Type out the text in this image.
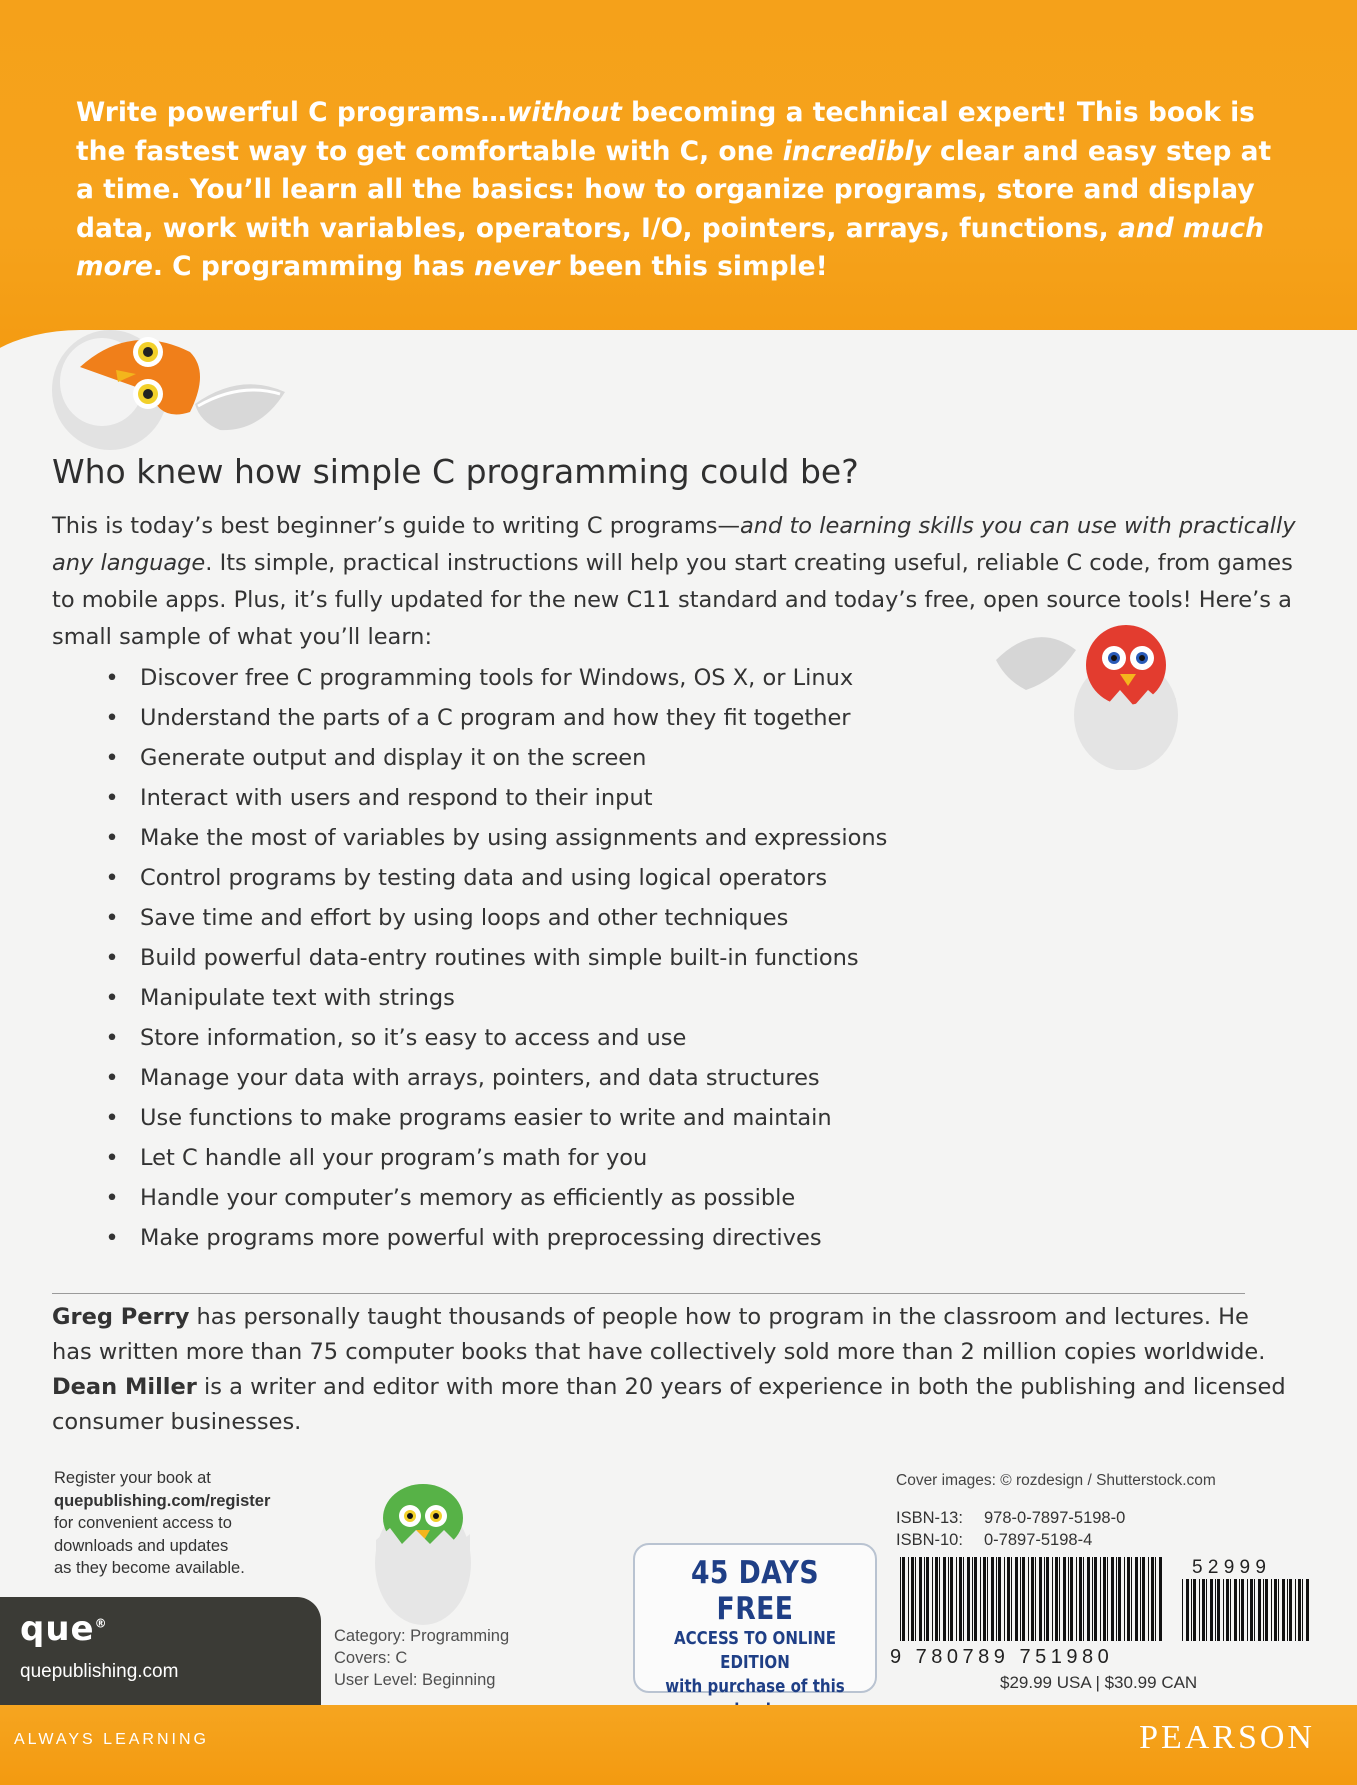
Write powerful C programs…without becoming a technical expert! This book is the fastest way to get comfortable with C, one incredibly clear and easy step at a time. You’ll learn all the basics: how to organize programs, store and display data, work with variables, operators, I/O, pointers, arrays, functions, and much more. C programming has never been this simple!

Who knew how simple C programming could be?

This is today’s best beginner’s guide to writing C programs—and to learning skills you can use with practically any language. Its simple, practical instructions will help you start creating useful, reliable C code, from games to mobile apps. Plus, it’s fully updated for the new C11 standard and today’s free, open source tools! Here’s a small sample of what you’ll learn:

• Discover free C programming tools for Windows, OS X, or Linux
• Understand the parts of a C program and how they fit together
• Generate output and display it on the screen
• Interact with users and respond to their input
• Make the most of variables by using assignments and expressions
• Control programs by testing data and using logical operators
• Save time and effort by using loops and other techniques
• Build powerful data-entry routines with simple built-in functions
• Manipulate text with strings
• Store information, so it’s easy to access and use
• Manage your data with arrays, pointers, and data structures
• Use functions to make programs easier to write and maintain
• Let C handle all your program’s math for you
• Handle your computer’s memory as efficiently as possible
• Make programs more powerful with preprocessing directives

Greg Perry has personally taught thousands of people how to program in the classroom and lectures. He has written more than 75 computer books that have collectively sold more than 2 million copies worldwide. Dean Miller is a writer and editor with more than 20 years of experience in both the publishing and licensed consumer businesses.

Register your book at
quepublishing.com/register
for convenient access to
downloads and updates
as they become available.
que®
quepublishing.com
Category: Programming
Covers: C
User Level: Beginning
45 DAYS FREE
ACCESS TO ONLINE EDITION
with purchase of this
Cover images: © rozdesign / Shutterstock.com
ISBN-13: 978-0-7897-5198-0
ISBN-10: 0-7897-5198-4
9 780789 751980
5 2 9 9 9
$29.99 USA | $30.99 CAN
ALWAYS LEARNING	PEARSON
